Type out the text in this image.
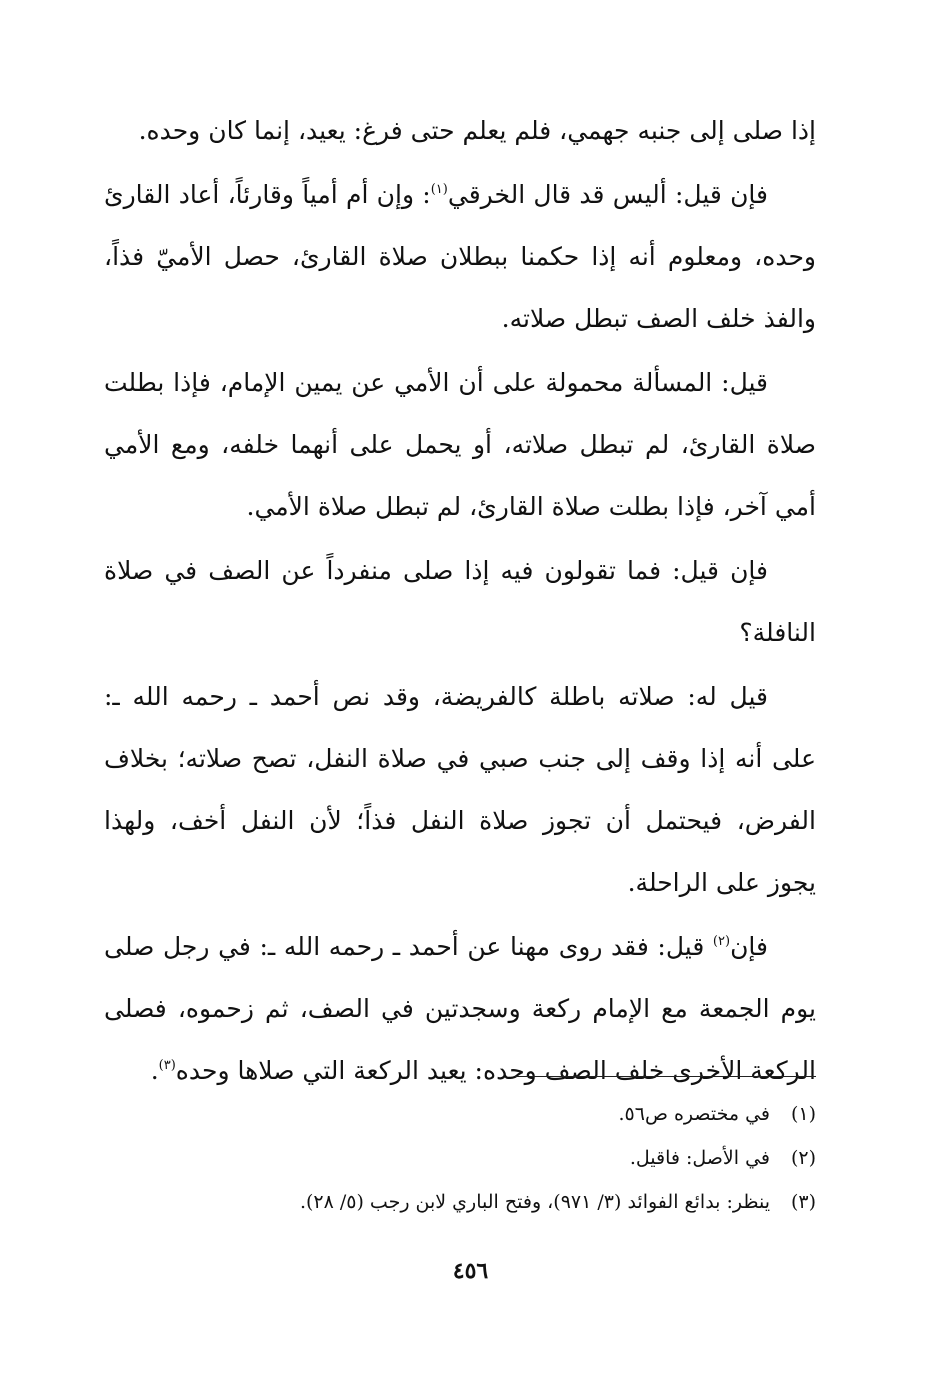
إذا صلى إلى جنبه جهمي، فلم يعلم حتى فرغ: يعيد، إنما كان وحده.

فإن قيل: أليس قد قال الخرقي$^{(١)}$: وإن أم أمياً وقارئاً، أعاد القارئ
وحده، ومعلوم أنه إذا حكمنا ببطلان صلاة القارئ، حصل الأميّ فذاً،
والفذ خلف الصف تبطل صلاته.

قيل: المسألة محمولة على أن الأمي عن يمين الإمام، فإذا بطلت
صلاة القارئ، لم تبطل صلاته، أو يحمل على أنهما خلفه، ومع الأمي
أمي آخر، فإذا بطلت صلاة القارئ، لم تبطل صلاة الأمي.

فإن قيل: فما تقولون فيه إذا صلى منفرداً عن الصف في صلاة
النافلة؟

قيل له: صلاته باطلة كالفريضة، وقد نص أحمد ـ رحمه الله ـ:
على أنه إذا وقف إلى جنب صبي في صلاة النفل، تصح صلاته؛ بخلاف
الفرض، فيحتمل أن تجوز صلاة النفل فذاً؛ لأن النفل أخف، ولهذا
يجوز على الراحلة.

فإن$^{(٢)}$ قيل: فقد روى مهنا عن أحمد ـ رحمه الله ـ: في رجل صلى
يوم الجمعة مع الإمام ركعة وسجدتين في الصف، ثم زحموه، فصلى
الركعة الأخرى خلف الصف وحده: يعيد الركعة التي صلاها وحده$^{(٣)}$.

(١)
في مختصره ص٥٦.
(٢)
في الأصل: فاقيل.
(٣)
ينظر: بدائع الفوائد (٣/ ٩٧١)، وفتح الباري لابن رجب (٥/ ٢٨).
٤٥٦
